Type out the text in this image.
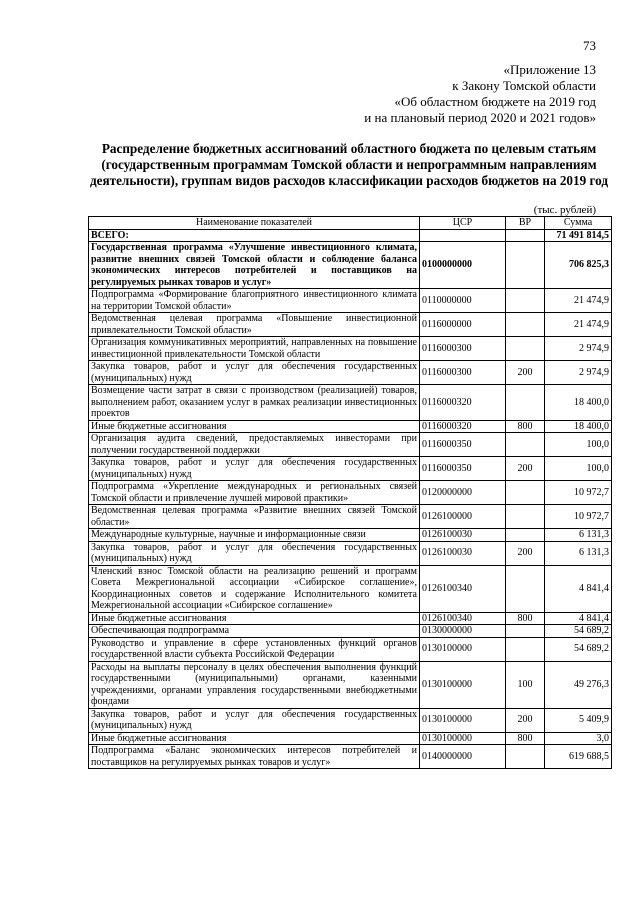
73
«Приложение 13
к Закону Томской области
«Об областном бюджете на 2019 год
и на плановый период 2020 и 2021 годов»
Распределение бюджетных ассигнований областного бюджета по целевым статьям (государственным программам Томской области и непрограммным направлениям деятельности), группам видов расходов классификации расходов бюджетов на 2019 год
(тыс. рублей)
Наименование показателей	ЦСР	ВР	Сумма
ВСЕГО:			71 491 814,5
Государственная программа «Улучшение инвестиционного климата, развитие внешних связей Томской области и соблюдение баланса экономических интересов потребителей и поставщиков на регулируемых рынках товаров и услуг»	0100000000		706 825,3
Подпрограмма «Формирование благоприятного инвестиционного климата на территории Томской области»	0110000000		21 474,9
Ведомственная целевая программа «Повышение инвестиционной привлекательности Томской области»	0116000000		21 474,9
Организация коммуникативных мероприятий, направленных на повышение инвестиционной привлекательности Томской области	0116000300		2 974,9
Закупка товаров, работ и услуг для обеспечения государственных (муниципальных) нужд	0116000300	200	2 974,9
Возмещение части затрат в связи с производством (реализацией) товаров, выполнением работ, оказанием услуг в рамках реализации инвестиционных проектов	0116000320		18 400,0
Иные бюджетные ассигнования	0116000320	800	18 400,0
Организация аудита сведений, предоставляемых инвесторами при получении государственной поддержки	0116000350		100,0
Закупка товаров, работ и услуг для обеспечения государственных (муниципальных) нужд	0116000350	200	100,0
Подпрограмма «Укрепление международных и региональных связей Томской области и привлечение лучшей мировой практики»	0120000000		10 972,7
Ведомственная целевая программа «Развитие внешних связей Томской области»	0126100000		10 972,7
Международные культурные, научные и информационные связи	0126100030		6 131,3
Закупка товаров, работ и услуг для обеспечения государственных (муниципальных) нужд	0126100030	200	6 131,3
Членский взнос Томской области на реализацию решений и программ Совета Межрегиональной ассоциации «Сибирское соглашение», Координационных советов и содержание Исполнительного комитета Межрегиональной ассоциации «Сибирское соглашение»	0126100340		4 841,4
Иные бюджетные ассигнования	0126100340	800	4 841,4
Обеспечивающая подпрограмма	0130000000		54 689,2
Руководство и управление в сфере установленных функций органов государственной власти субъекта Российской Федерации	0130100000		54 689,2
Расходы на выплаты персоналу в целях обеспечения выполнения функций государственными (муниципальными) органами, казенными учреждениями, органами управления государственными внебюджетными фондами	0130100000	100	49 276,3
Закупка товаров, работ и услуг для обеспечения государственных (муниципальных) нужд	0130100000	200	5 409,9
Иные бюджетные ассигнования	0130100000	800	3,0
Подпрограмма «Баланс экономических интересов потребителей и поставщиков на регулируемых рынках товаров и услуг»	0140000000		619 688,5
